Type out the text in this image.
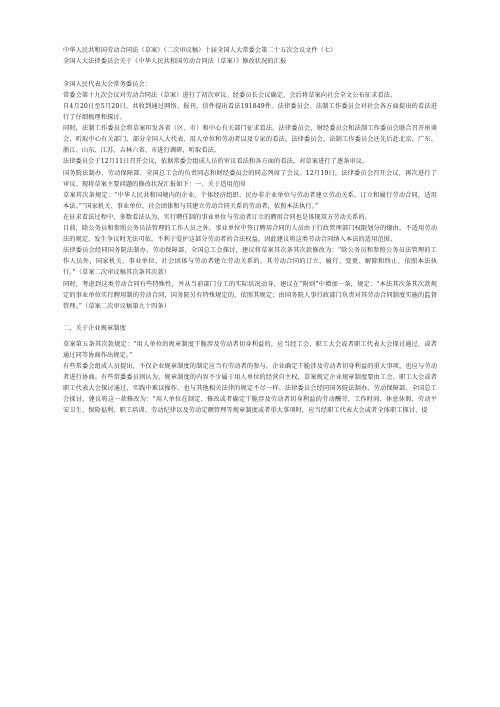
中华人民共和国劳动合同法（草案）（二次审议稿）十届全国人大常委会第二十五次会议文件（七）

全国人大法律委员会关于《中华人民共和国劳动合同法（草案）》修改状况的汇报

全国人民代表大会常务委员会：

常委会第十九次会议对劳动合同法（草案）进行了初次审议。经委员长会议确定，会后将草案向社会全文公布征求看法。

自4月20日至5月20日，共收到通过网络、报刊、信件提出看法191849件。法律委员会、法制工作委员会对社会各方面提出的看法进行了仔细梳理和探讨。

同时，法制工作委员会将草案印发各省（区、市）和中心有关部门征求看法。法律委员会、财经委员会和法制工作委员会联合召开座谈会，听取中心有关部门、部分全国人大代表、用人单位和劳动者以及专家的看法。法律委员会、法制工作委员会还先后赴北京、广东、浙江、山东、江苏、吉林六省、市进行调研，听取看法。

法律委员会于12月11日召开会议，依据常委会组成人员的审议看法和各方面的看法，对草案进行了逐条审议。

国务院法制办、劳动保障部、全国总工会的负责同志和财经委员会的同志列席了会议。12月19日，法律委员会召开会议，再次进行了审议。现将草案主要问题的修改状况汇报如下：一、关于适用范围

草案其次条规定：“中华人民共和国境内的企业、个体经济组织、民办非企业单位与劳动者建立劳动关系，订立和履行劳动合同，适用本法。”“国家机关、事业单位、社会团体和与其建立劳动合同关系的劳动者，依照本法执行。”

在征求看法过程中，多数看法认为，实行聘任制的事业单位与劳动者订立的聘用合同也是体现双方劳动关系的。

目前，除公务员和参照公务员法管理的工作人员之外，事业单位中签订聘用合同的人员由于行政管理部门权限划分的缘由，不适用劳动法的规定，发生争议时无法可依，不利于爱护这部分劳动者的合法权益。因此建议将这类劳动合同纳入本法的适用范围。

法律委员会经同国务院法制办、劳动保障部、全国总工会探讨，建议将草案其次条其次款修改为：“除公务员和参照公务员法管理的工作人员外，国家机关、事业单位、社会团体与劳动者建立劳动关系的，其劳动合同的订立、履行、变更、解除和终止，依照本法执行。”（草案二次审议稿其次条其次款）

同时，考虑到这类劳动合同有些特殊性，并从当前部门分工的实际状况动身，建议在“附则”中增加一条，规定：“本法其次条其次款规定的事业单位实行聘用制的劳动合同，国务院另有特殊规定的，依照其规定；由国务院人事行政部门负责对其劳动合同制度实施的监督管理。”（草案二次审议稿第九十四条）

二、关于企业规章制度

草案第五条其次款规定：“用人单位的规章制度干脆涉及劳动者切身利益的，应当经工会、职工大会或者职工代表大会探讨通过，或者通过同等协商作出规定。”

有些常委会组成人员提出，不仅企业规章制度的制定应当有劳动者的参与，企业确定干脆涉及劳动者切身利益的重大事项，也应与劳动者进行协商。有些常委委员则认为，规章制度的内容不少属于用人单位的经营自主权，草案规定企业规章制度要由工会、职工大会或者职工代表大会探讨通过，实践中难以操作，也与其他相关法律的规定不尽一样。法律委员会经同国务院法制办、劳动保障部、全国总工会探讨，建议将这一款修改为：“用人单位在制定、修改或者确定干脆涉及劳动者切身利益的劳动酬劳、工作时间、休息休假、劳动平安卫生、保险福利、职工培训、劳动纪律以及劳动定额管理等规章制度或者重大事项时，应当经职工代表大会或者全体职工探讨，提
